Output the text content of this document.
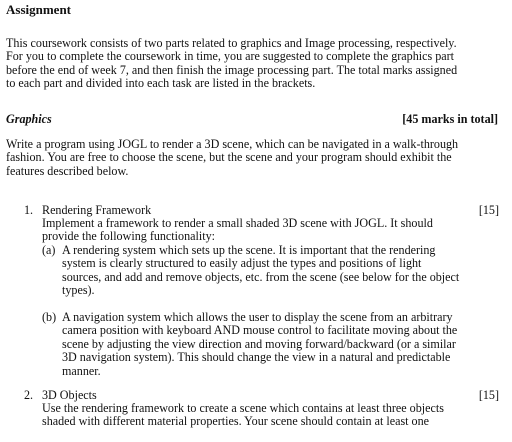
Assignment
This coursework consists of two parts related to graphics and Image processing, respectively.
For you to complete the coursework in time, you are suggested to complete the graphics part
before the end of week 7, and then finish the image processing part. The total marks assigned
to each part and divided into each task are listed in the brackets.
Graphics	[45 marks in total]
Write a program using JOGL to render a 3D scene, which can be navigated in a walk-through
fashion. You are free to choose the scene, but the scene and your program should exhibit the
features described below.
1. Rendering Framework	[15]
Implement a framework to render a small shaded 3D scene with JOGL. It should
provide the following functionality:
(a) A rendering system which sets up the scene. It is important that the rendering
system is clearly structured to easily adjust the types and positions of light
sources, and add and remove objects, etc. from the scene (see below for the object
types).
(b) A navigation system which allows the user to display the scene from an arbitrary
camera position with keyboard AND mouse control to facilitate moving about the
scene by adjusting the view direction and moving forward/backward (or a similar
3D navigation system). This should change the view in a natural and predictable
manner.
2. 3D Objects	[15]
Use the rendering framework to create a scene which contains at least three objects
shaded with different material properties. Your scene should contain at least one
